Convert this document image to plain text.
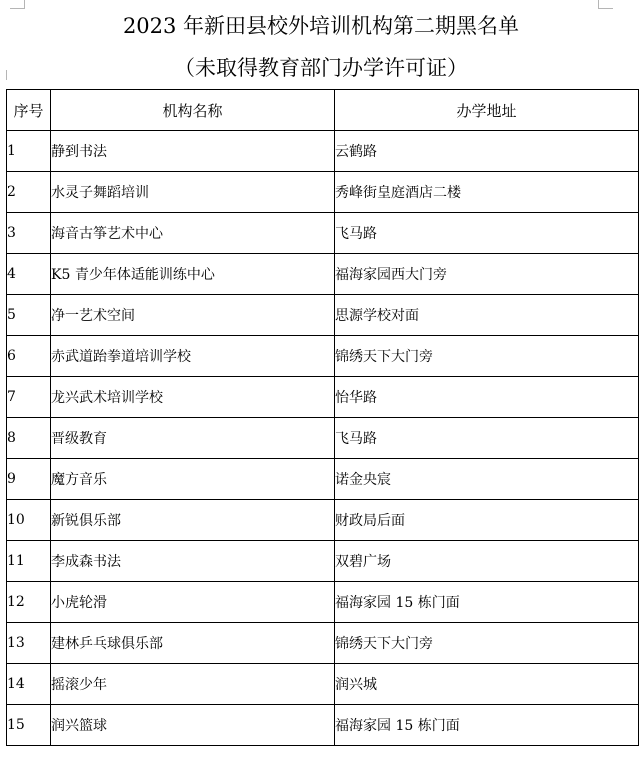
2023 年新田县校外培训机构第二期黑名单
（未取得教育部门办学许可证）
序号	机构名称	办学地址
1	静到书法	云鹤路
2	水灵子舞蹈培训	秀峰街皇庭酒店二楼
3	海音古筝艺术中心	飞马路
4	K5 青少年体适能训练中心	福海家园西大门旁
5	净一艺术空间	思源学校对面
6	赤武道跆拳道培训学校	锦绣天下大门旁
7	龙兴武术培训学校	怡华路
8	晋级教育	飞马路
9	魔方音乐	诺金央宸
10	新锐俱乐部	财政局后面
11	李成森书法	双碧广场
12	小虎轮滑	福海家园 15 栋门面
13	建林乒乓球俱乐部	锦绣天下大门旁
14	摇滚少年	润兴城
15	润兴篮球	福海家园 15 栋门面
